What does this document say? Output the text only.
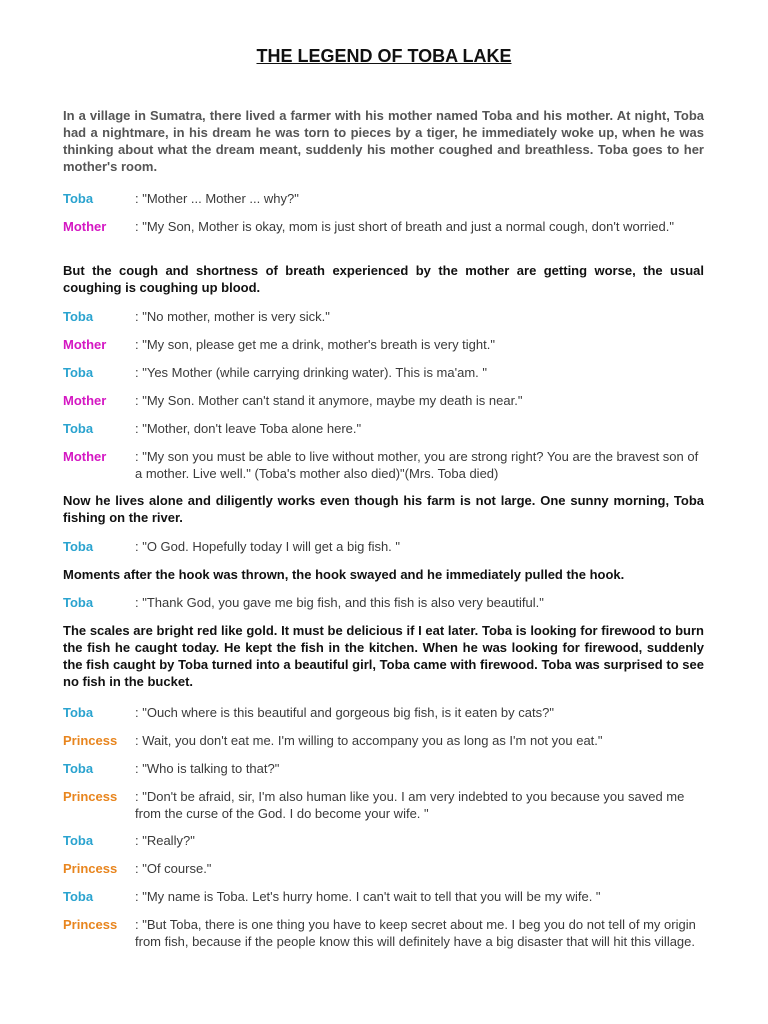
THE LEGEND OF TOBA LAKE
In a village in Sumatra, there lived a farmer with his mother named Toba and his mother. At night, Toba had a nightmare, in his dream he was torn to pieces by a tiger, he immediately woke up, when he was thinking about what the dream meant, suddenly his mother coughed and breathless. Toba goes to her mother's room.
Toba	: "Mother ... Mother ... why?"
Mother	: "My Son, Mother is okay, mom is just short of breath and just a normal cough, don't worried."
But the cough and shortness of breath experienced by the mother are getting worse, the usual coughing is coughing up blood.
Toba	: "No mother, mother is very sick."
Mother : "My son, please get me a drink, mother's breath is very tight."
Toba	: "Yes Mother (while carrying drinking water). This is ma'am. "
Mother : "My Son. Mother can't stand it anymore, maybe my death is near."
Toba	: "Mother, don't leave Toba alone here."
Mother : "My son you must be able to live without mother, you are strong right? You are the bravest son of a mother. Live well." (Toba's mother also died)"(Mrs. Toba died)
Now he lives alone and diligently works even though his farm is not large. One sunny morning, Toba fishing on the river.
Toba	: "O God. Hopefully today I will get a big fish. "
Moments after the hook was thrown, the hook swayed and he immediately pulled the hook.
Toba	: "Thank God, you gave me big fish, and this fish is also very beautiful."
The scales are bright red like gold. It must be delicious if I eat later. Toba is looking for firewood to burn the fish he caught today. He kept the fish in the kitchen. When he was looking for firewood, suddenly the fish caught by Toba turned into a beautiful girl, Toba came with firewood. Toba was surprised to see no fish in the bucket.
Toba	: "Ouch where is this beautiful and gorgeous big fish, is it eaten by cats?"
Princess : Wait, you don't eat me. I'm willing to accompany you as long as I'm not you eat."
Toba	: "Who is talking to that?"
Princess : "Don't be afraid, sir, I'm also human like you. I am very indebted to you because you saved me from the curse of the God. I do become your wife. "
Toba	: "Really?"
Princess : "Of course."
Toba	: "My name is Toba. Let's hurry home. I can't wait to tell that you will be my wife. "
Princess : "But Toba, there is one thing you have to keep secret about me. I beg you do not tell of my origin from fish, because if the people know this will definitely have a big disaster that will hit this village.
